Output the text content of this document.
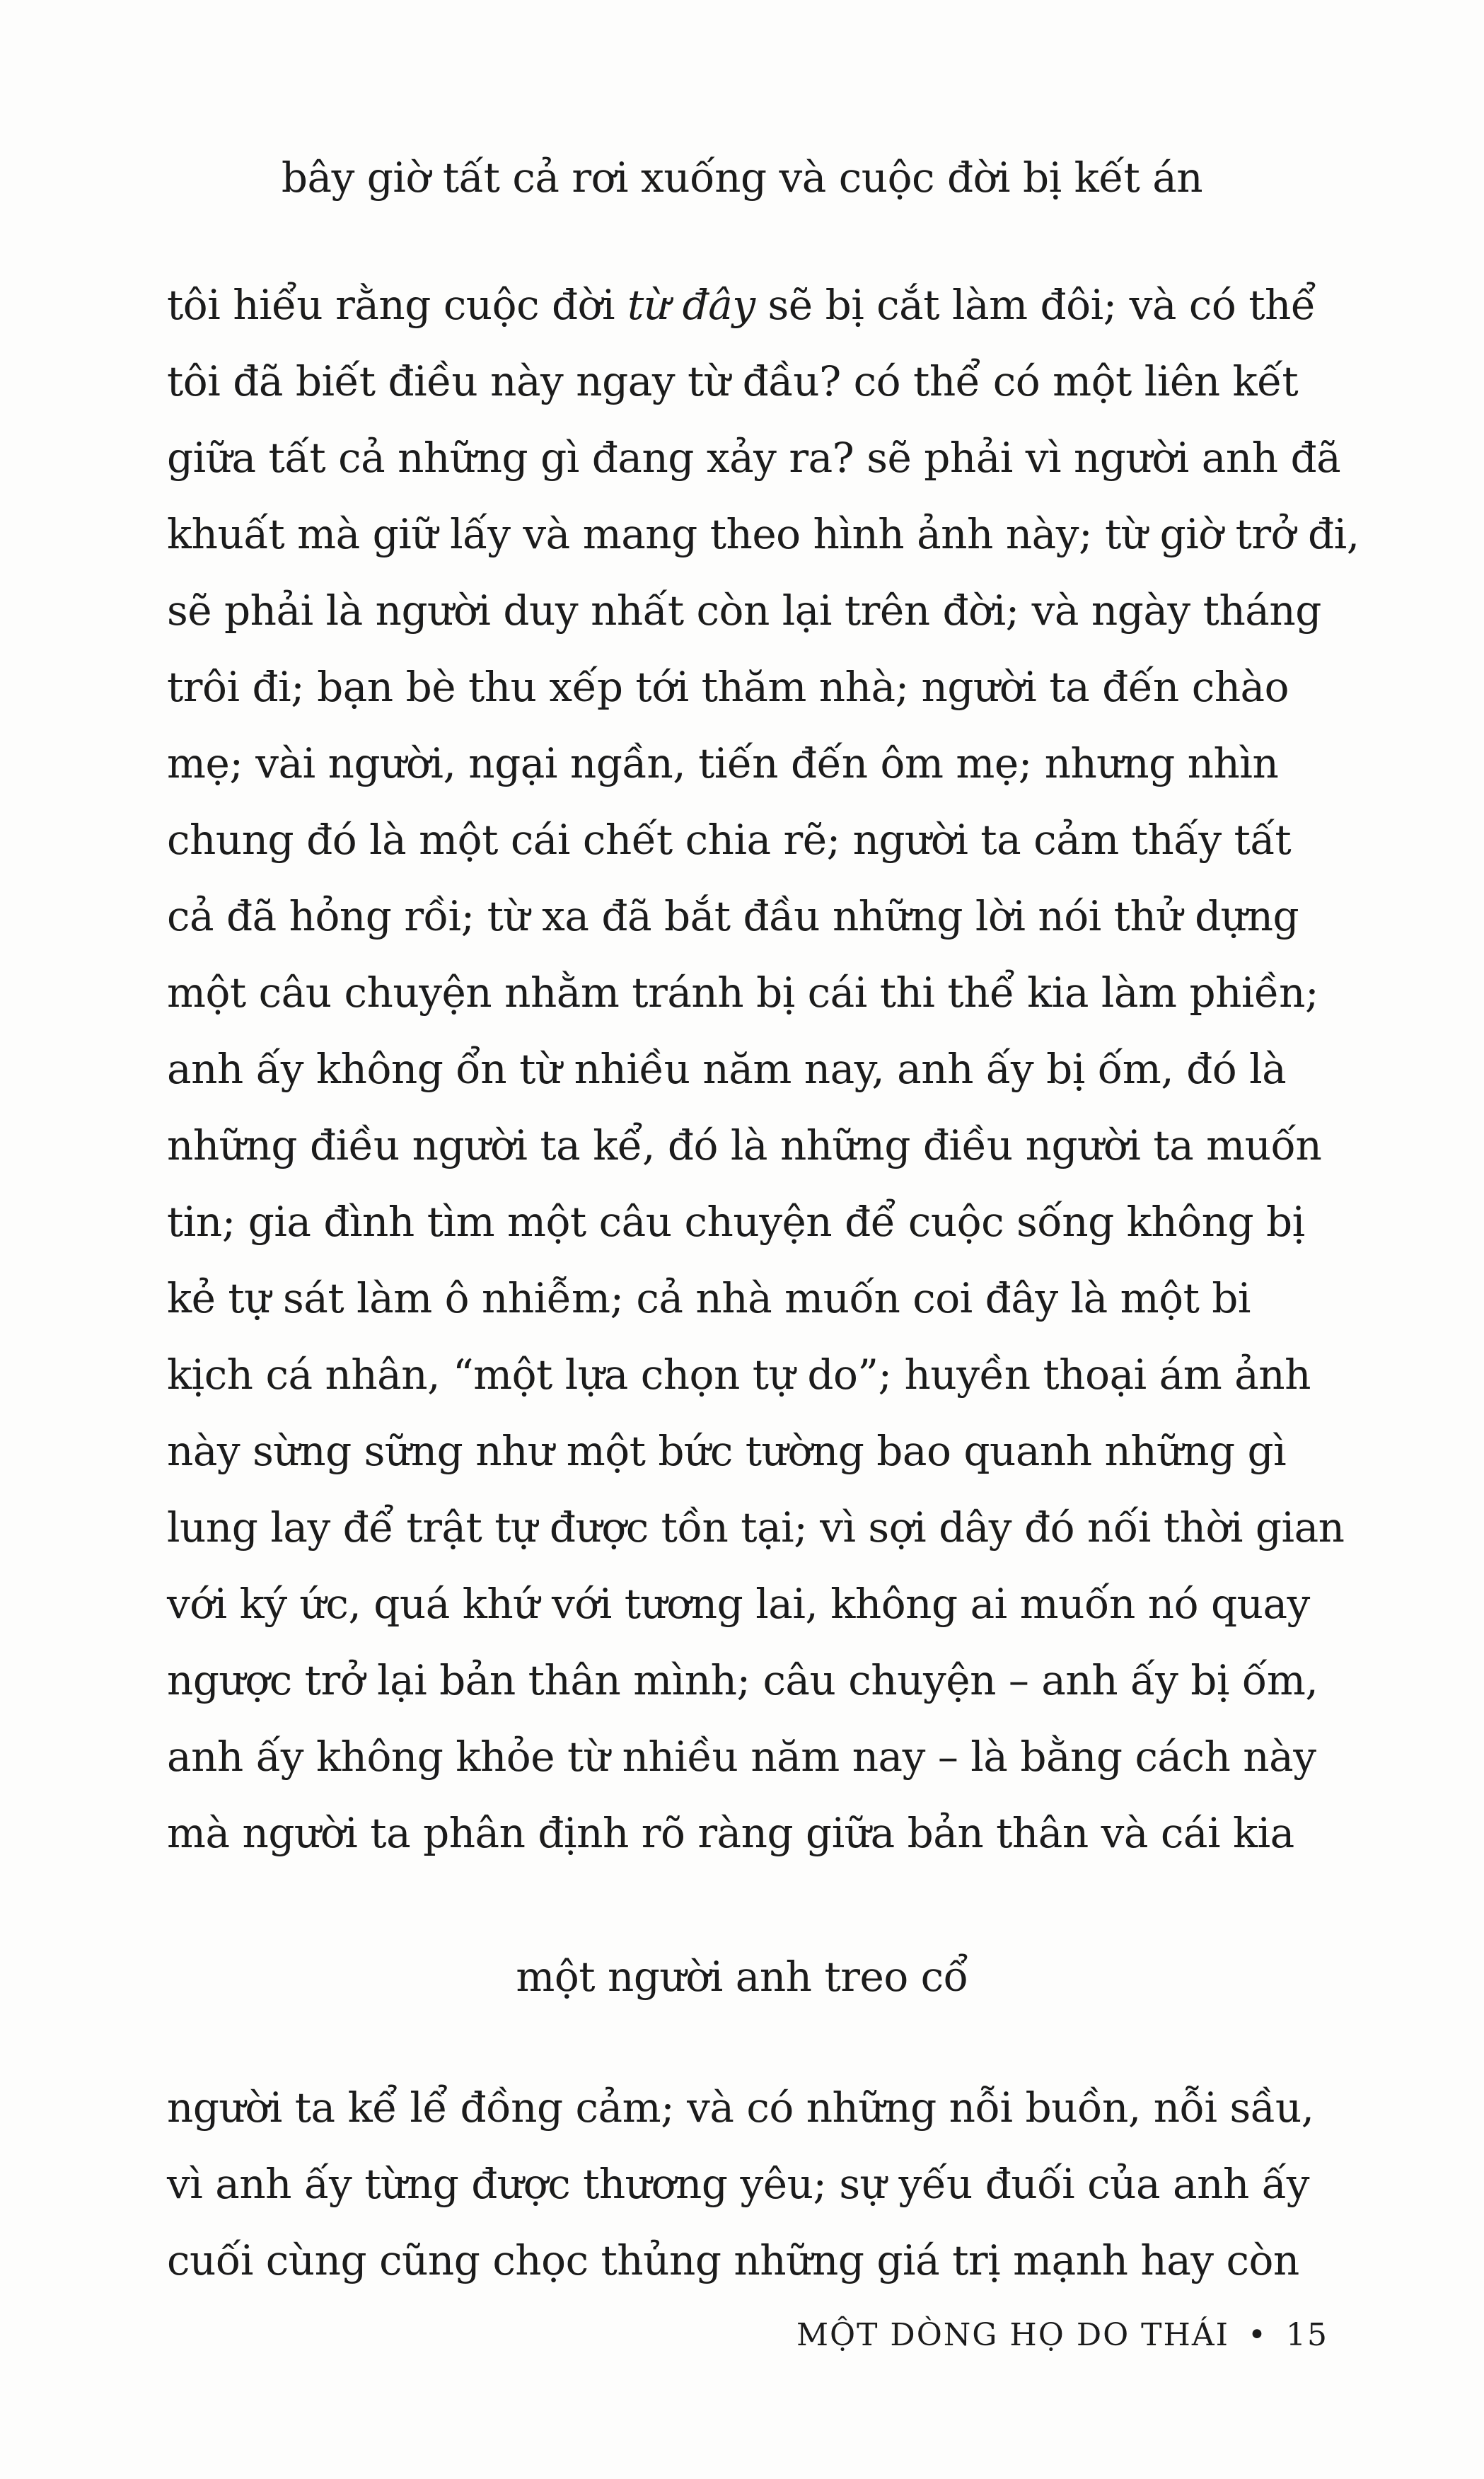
bây giờ tất cả rơi xuống và cuộc đời bị kết án
tôi hiểu rằng cuộc đời từ đây sẽ bị cắt làm đôi; và có thể
tôi đã biết điều này ngay từ đầu? có thể có một liên kết
giữa tất cả những gì đang xảy ra? sẽ phải vì người anh đã
khuất mà giữ lấy và mang theo hình ảnh này; từ giờ trở đi,
sẽ phải là người duy nhất còn lại trên đời; và ngày tháng
trôi đi; bạn bè thu xếp tới thăm nhà; người ta đến chào
mẹ; vài người, ngại ngần, tiến đến ôm mẹ; nhưng nhìn
chung đó là một cái chết chia rẽ; người ta cảm thấy tất
cả đã hỏng rồi; từ xa đã bắt đầu những lời nói thử dựng
một câu chuyện nhằm tránh bị cái thi thể kia làm phiền;
anh ấy không ổn từ nhiều năm nay, anh ấy bị ốm, đó là
những điều người ta kể, đó là những điều người ta muốn
tin; gia đình tìm một câu chuyện để cuộc sống không bị
kẻ tự sát làm ô nhiễm; cả nhà muốn coi đây là một bi
kịch cá nhân, “một lựa chọn tự do”; huyền thoại ám ảnh
này sừng sững như một bức tường bao quanh những gì
lung lay để trật tự được tồn tại; vì sợi dây đó nối thời gian
với ký ức, quá khứ với tương lai, không ai muốn nó quay
ngược trở lại bản thân mình; câu chuyện – anh ấy bị ốm,
anh ấy không khỏe từ nhiều năm nay – là bằng cách này
mà người ta phân định rõ ràng giữa bản thân và cái kia
một người anh treo cổ
người ta kể lể đồng cảm; và có những nỗi buồn, nỗi sầu,
vì anh ấy từng được thương yêu; sự yếu đuối của anh ấy
cuối cùng cũng chọc thủng những giá trị mạnh hay còn
MỘT DÒNG HỌ DO THÁI • 15
